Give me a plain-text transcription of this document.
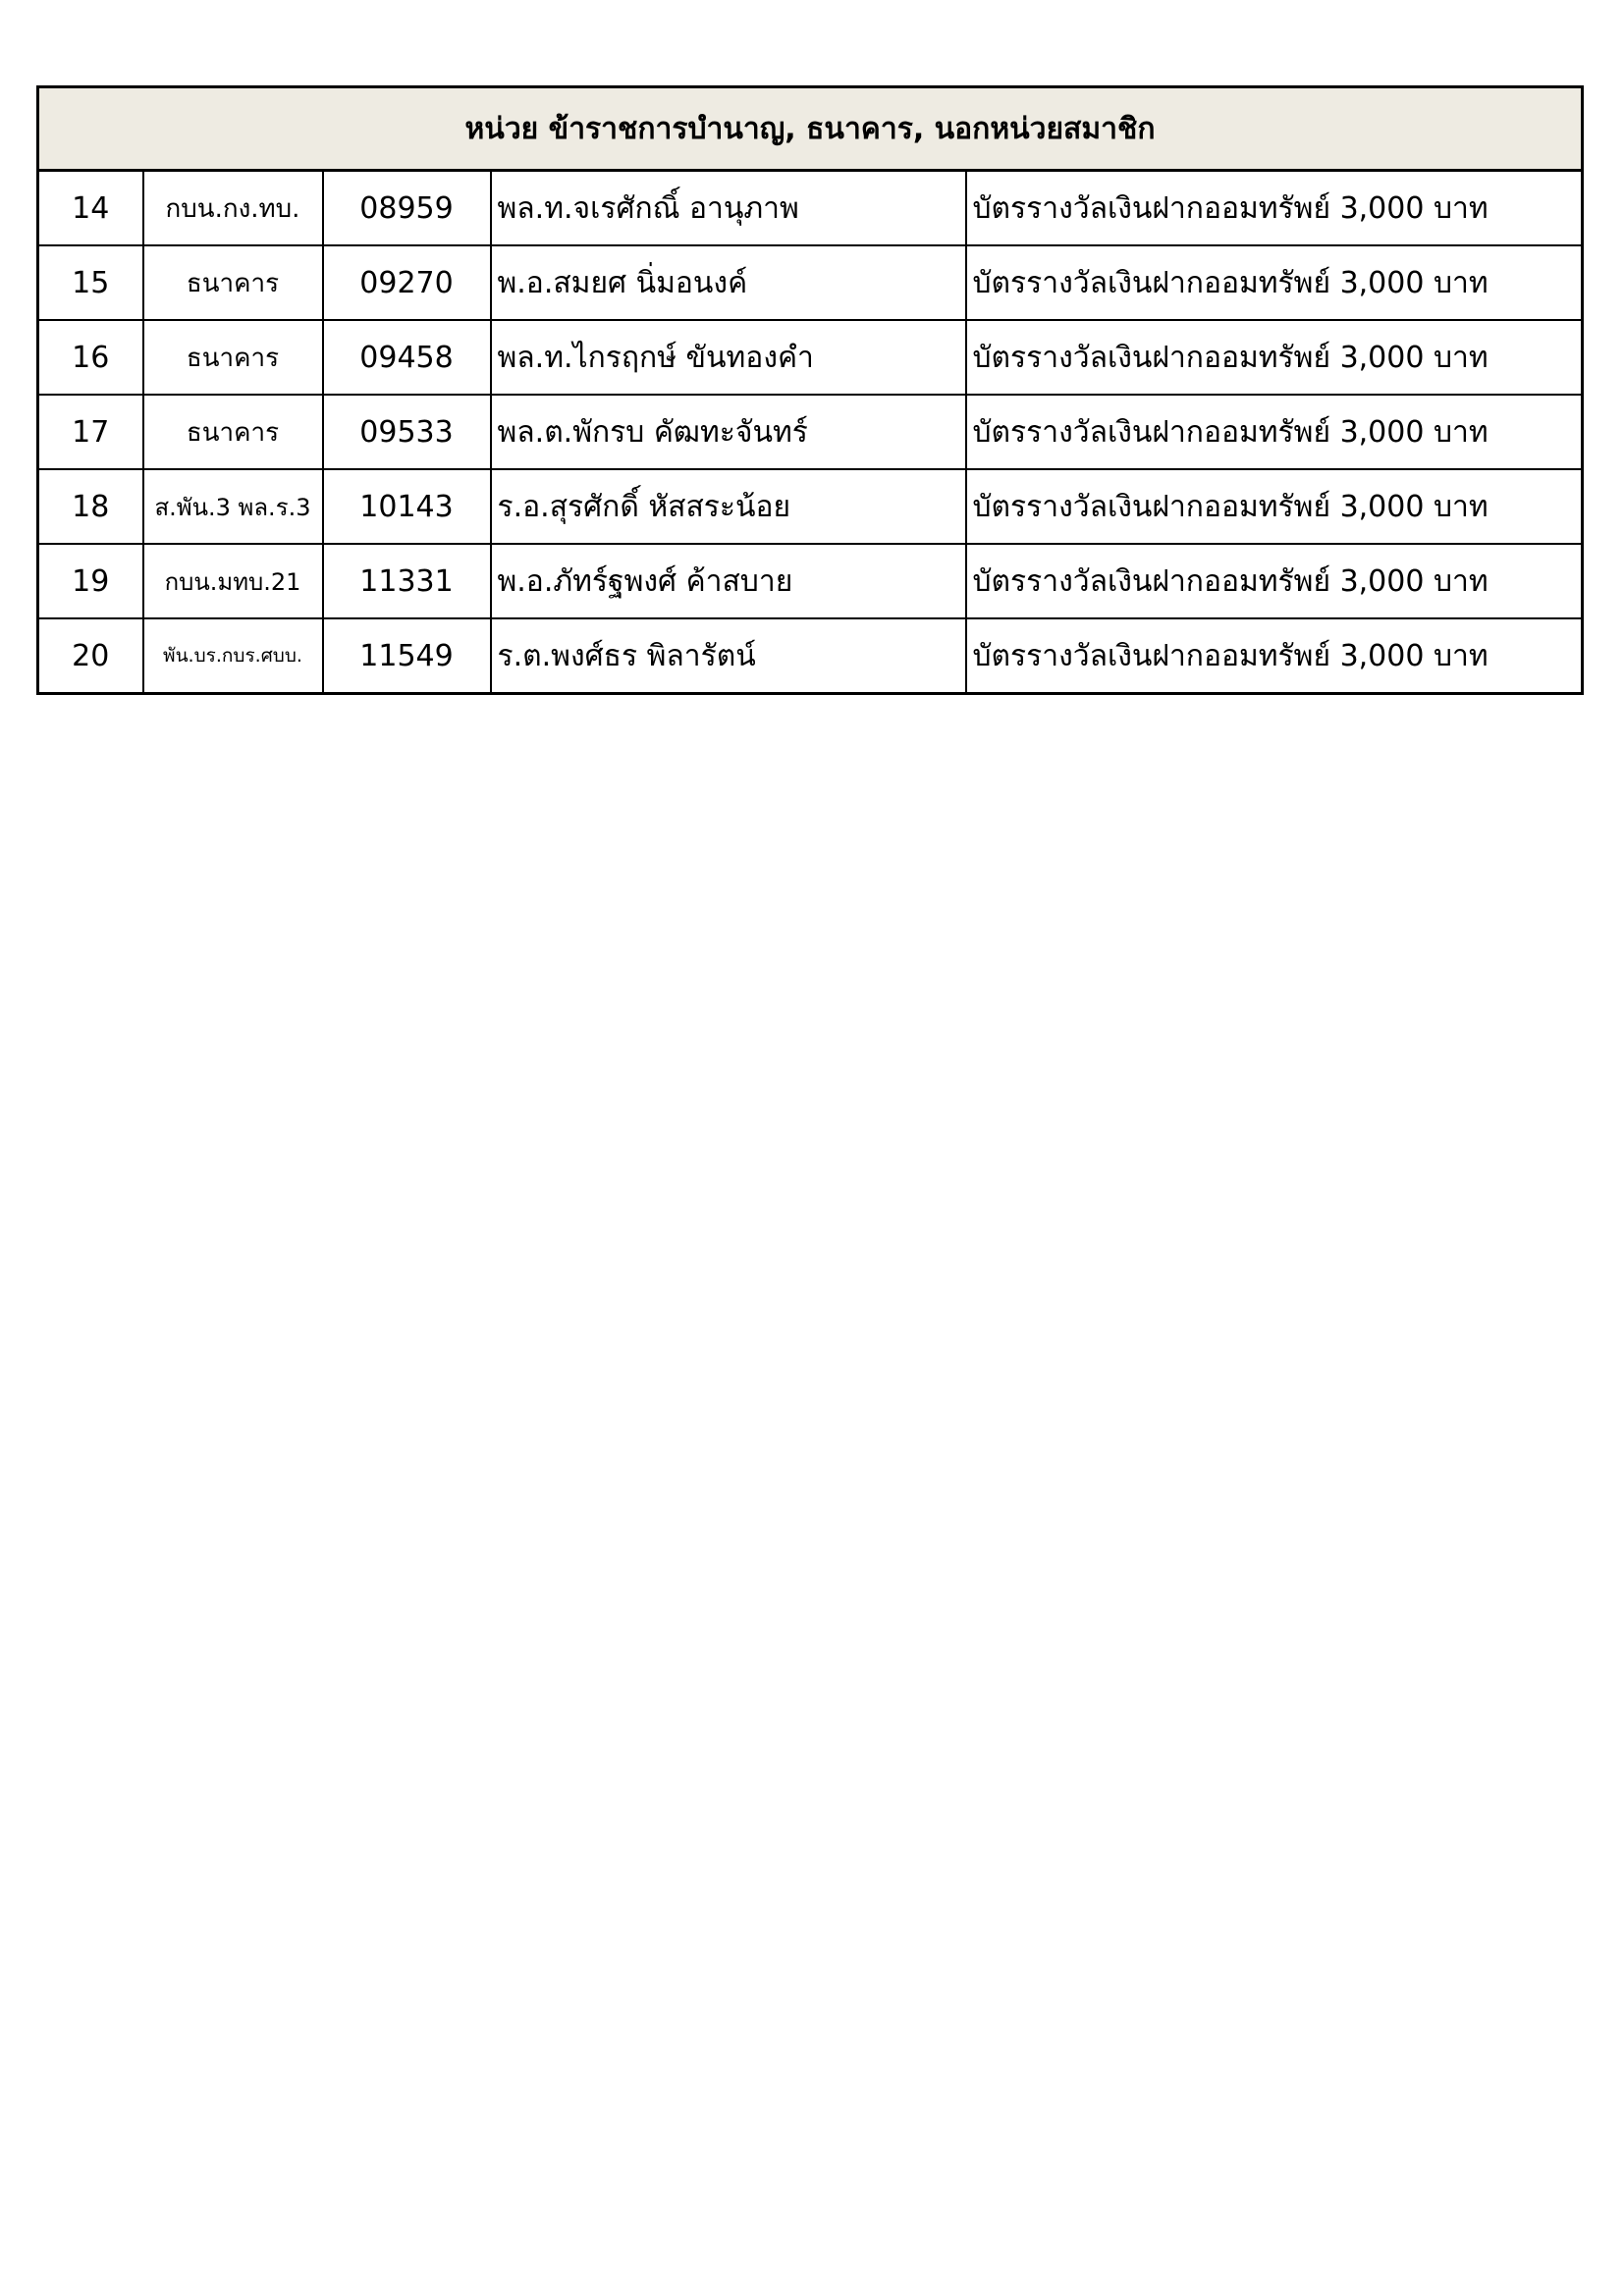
หน่วย ข้าราชการบำนาญ, ธนาคาร, นอกหน่วยสมาชิก				
14	กบน.กง.ทบ.	08959	พล.ท.จเรศักณิ์ อานุภาพ	บัตรรางวัลเงินฝากออมทรัพย์ 3,000 บาท
15	ธนาคาร	09270	พ.อ.สมยศ นิ่มอนงค์	บัตรรางวัลเงินฝากออมทรัพย์ 3,000 บาท
16	ธนาคาร	09458	พล.ท.ไกรฤกษ์ ขันทองคำ	บัตรรางวัลเงินฝากออมทรัพย์ 3,000 บาท
17	ธนาคาร	09533	พล.ต.พักรบ คัฒทะจันทร์	บัตรรางวัลเงินฝากออมทรัพย์ 3,000 บาท
18	ส.พัน.3 พล.ร.3	10143	ร.อ.สุรศักดิ์ หัสสระน้อย	บัตรรางวัลเงินฝากออมทรัพย์ 3,000 บาท
19	กบน.มทบ.21	11331	พ.อ.ภัทร์ฐพงศ์ ค้าสบาย	บัตรรางวัลเงินฝากออมทรัพย์ 3,000 บาท
20	พัน.บร.กบร.ศบบ.	11549	ร.ต.พงศ์ธร พิลารัตน์	บัตรรางวัลเงินฝากออมทรัพย์ 3,000 บาท
